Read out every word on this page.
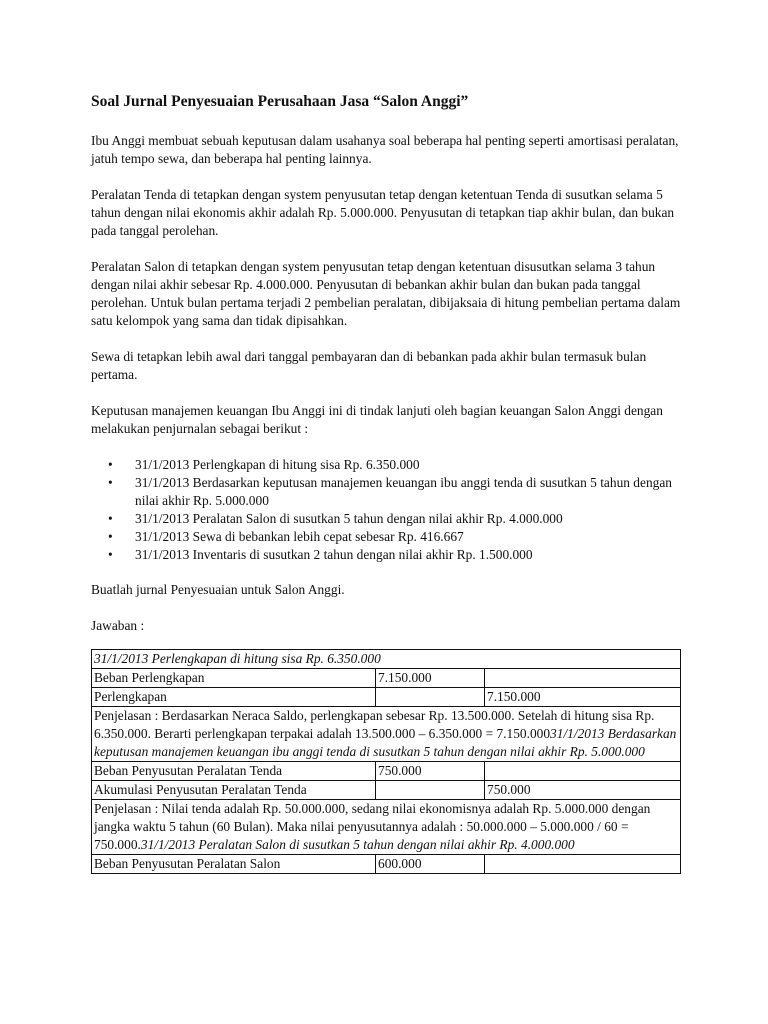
Soal Jurnal Penyesuaian Perusahaan Jasa “Salon Anggi”

Ibu Anggi membuat sebuah keputusan dalam usahanya soal beberapa hal penting seperti amortisasi peralatan, jatuh tempo sewa, dan beberapa hal penting lainnya.

Peralatan Tenda di tetapkan dengan system penyusutan tetap dengan ketentuan Tenda di susutkan selama 5 tahun dengan nilai ekonomis akhir adalah Rp. 5.000.000. Penyusutan di tetapkan tiap akhir bulan, dan bukan pada tanggal perolehan.

Peralatan Salon di tetapkan dengan system penyusutan tetap dengan ketentuan disusutkan selama 3 tahun dengan nilai akhir sebesar Rp. 4.000.000. Penyusutan di bebankan akhir bulan dan bukan pada tanggal perolehan. Untuk bulan pertama terjadi 2 pembelian peralatan, dibijaksaia di hitung pembelian pertama dalam satu kelompok yang sama dan tidak dipisahkan.

Sewa di tetapkan lebih awal dari tanggal pembayaran dan di bebankan pada akhir bulan termasuk bulan pertama.

Keputusan manajemen keuangan Ibu Anggi ini di tindak lanjuti oleh bagian keuangan Salon Anggi dengan melakukan penjurnalan sebagai berikut :

• 31/1/2013 Perlengkapan di hitung sisa Rp. 6.350.000
• 31/1/2013 Berdasarkan keputusan manajemen keuangan ibu anggi tenda di susutkan 5 tahun dengan nilai akhir Rp. 5.000.000
• 31/1/2013 Peralatan Salon di susutkan 5 tahun dengan nilai akhir Rp. 4.000.000
• 31/1/2013 Sewa di bebankan lebih cepat sebesar Rp. 416.667
• 31/1/2013 Inventaris di susutkan 2 tahun dengan nilai akhir Rp. 1.500.000

Buatlah jurnal Penyesuaian untuk Salon Anggi.

Jawaban :

31/1/2013 Perlengkapan di hitung sisa Rp. 6.350.000		
Beban Perlengkapan	7.150.000	
Perlengkapan		7.150.000
Penjelasan : Berdasarkan Neraca Saldo, perlengkapan sebesar Rp. 13.500.000. Setelah di hitung sisa Rp. 6.350.000. Berarti perlengkapan terpakai adalah 13.500.000 – 6.350.000 = 7.150.00031/1/2013 Berdasarkan keputusan manajemen keuangan ibu anggi tenda di susutkan 5 tahun dengan nilai akhir Rp. 5.000.000		
Beban Penyusutan Peralatan Tenda	750.000	
Akumulasi Penyusutan Peralatan Tenda		750.000
Penjelasan : Nilai tenda adalah Rp. 50.000.000, sedang nilai ekonomisnya adalah Rp. 5.000.000 dengan jangka waktu 5 tahun (60 Bulan). Maka nilai penyusutannya adalah : 50.000.000 – 5.000.000 / 60 = 750.000.31/1/2013 Peralatan Salon di susutkan 5 tahun dengan nilai akhir Rp. 4.000.000		
Beban Penyusutan Peralatan Salon	600.000	
